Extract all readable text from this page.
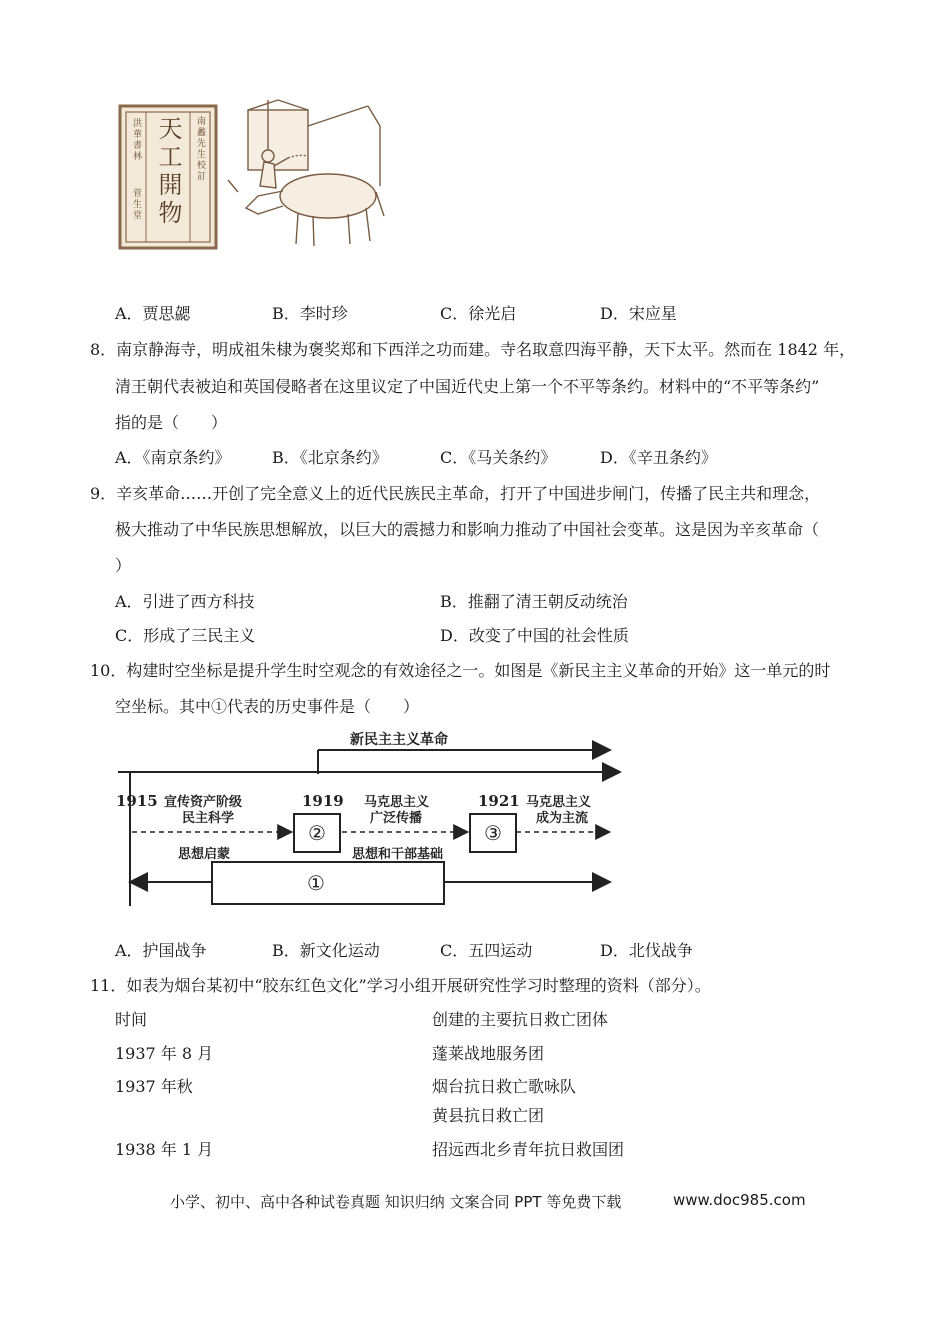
天工開物 南蠡先生校訂
洪華書林
菅生堂
A．贾思勰	B．李时珍	C．徐光启	D．宋应星
8．南京静海寺，明成祖朱棣为褒奖郑和下西洋之功而建。寺名取意四海平静，天下太平。然而在 1842 年，
清王朝代表被迫和英国侵略者在这里议定了中国近代史上第一个不平等条约。材料中的“不平等条约”
指的是（　　）
A．《南京条约》	B．《北京条约》	C．《马关条约》	D．《辛丑条约》
9．辛亥革命……开创了完全意义上的近代民族民主革命，打开了中国进步闸门，传播了民主共和理念，
极大推动了中华民族思想解放，以巨大的震撼力和影响力推动了中国社会变革。这是因为辛亥革命（
）
A．引进了西方科技	B．推翻了清王朝反动统治
C．形成了三民主义	D．改变了中国的社会性质
10．构建时空坐标是提升学生时空观念的有效途径之一。如图是《新民主主义革命的开始》这一单元的时
空坐标。其中①代表的历史事件是（　　）
新民主主义革命
1915	1919	1921
宣传资产阶级
民主科学
马克思主义
广泛传播
马克思主义
成为主流
②	③
思想启蒙	思想和干部基础
①
A．护国战争	B．新文化运动	C．五四运动	D．北伐战争
11．如表为烟台某初中“胶东红色文化”学习小组开展研究性学习时整理的资料（部分）。
时间	创建的主要抗日救亡团体
1937 年 8 月	蓬莱战地服务团
1937 年秋	烟台抗日救亡歌咏队
黄县抗日救亡团
1938 年 1 月	招远西北乡青年抗日救国团
小学、初中、高中各种试卷真题 知识归纳 文案合同 PPT 等免费下载	www.doc985.com
